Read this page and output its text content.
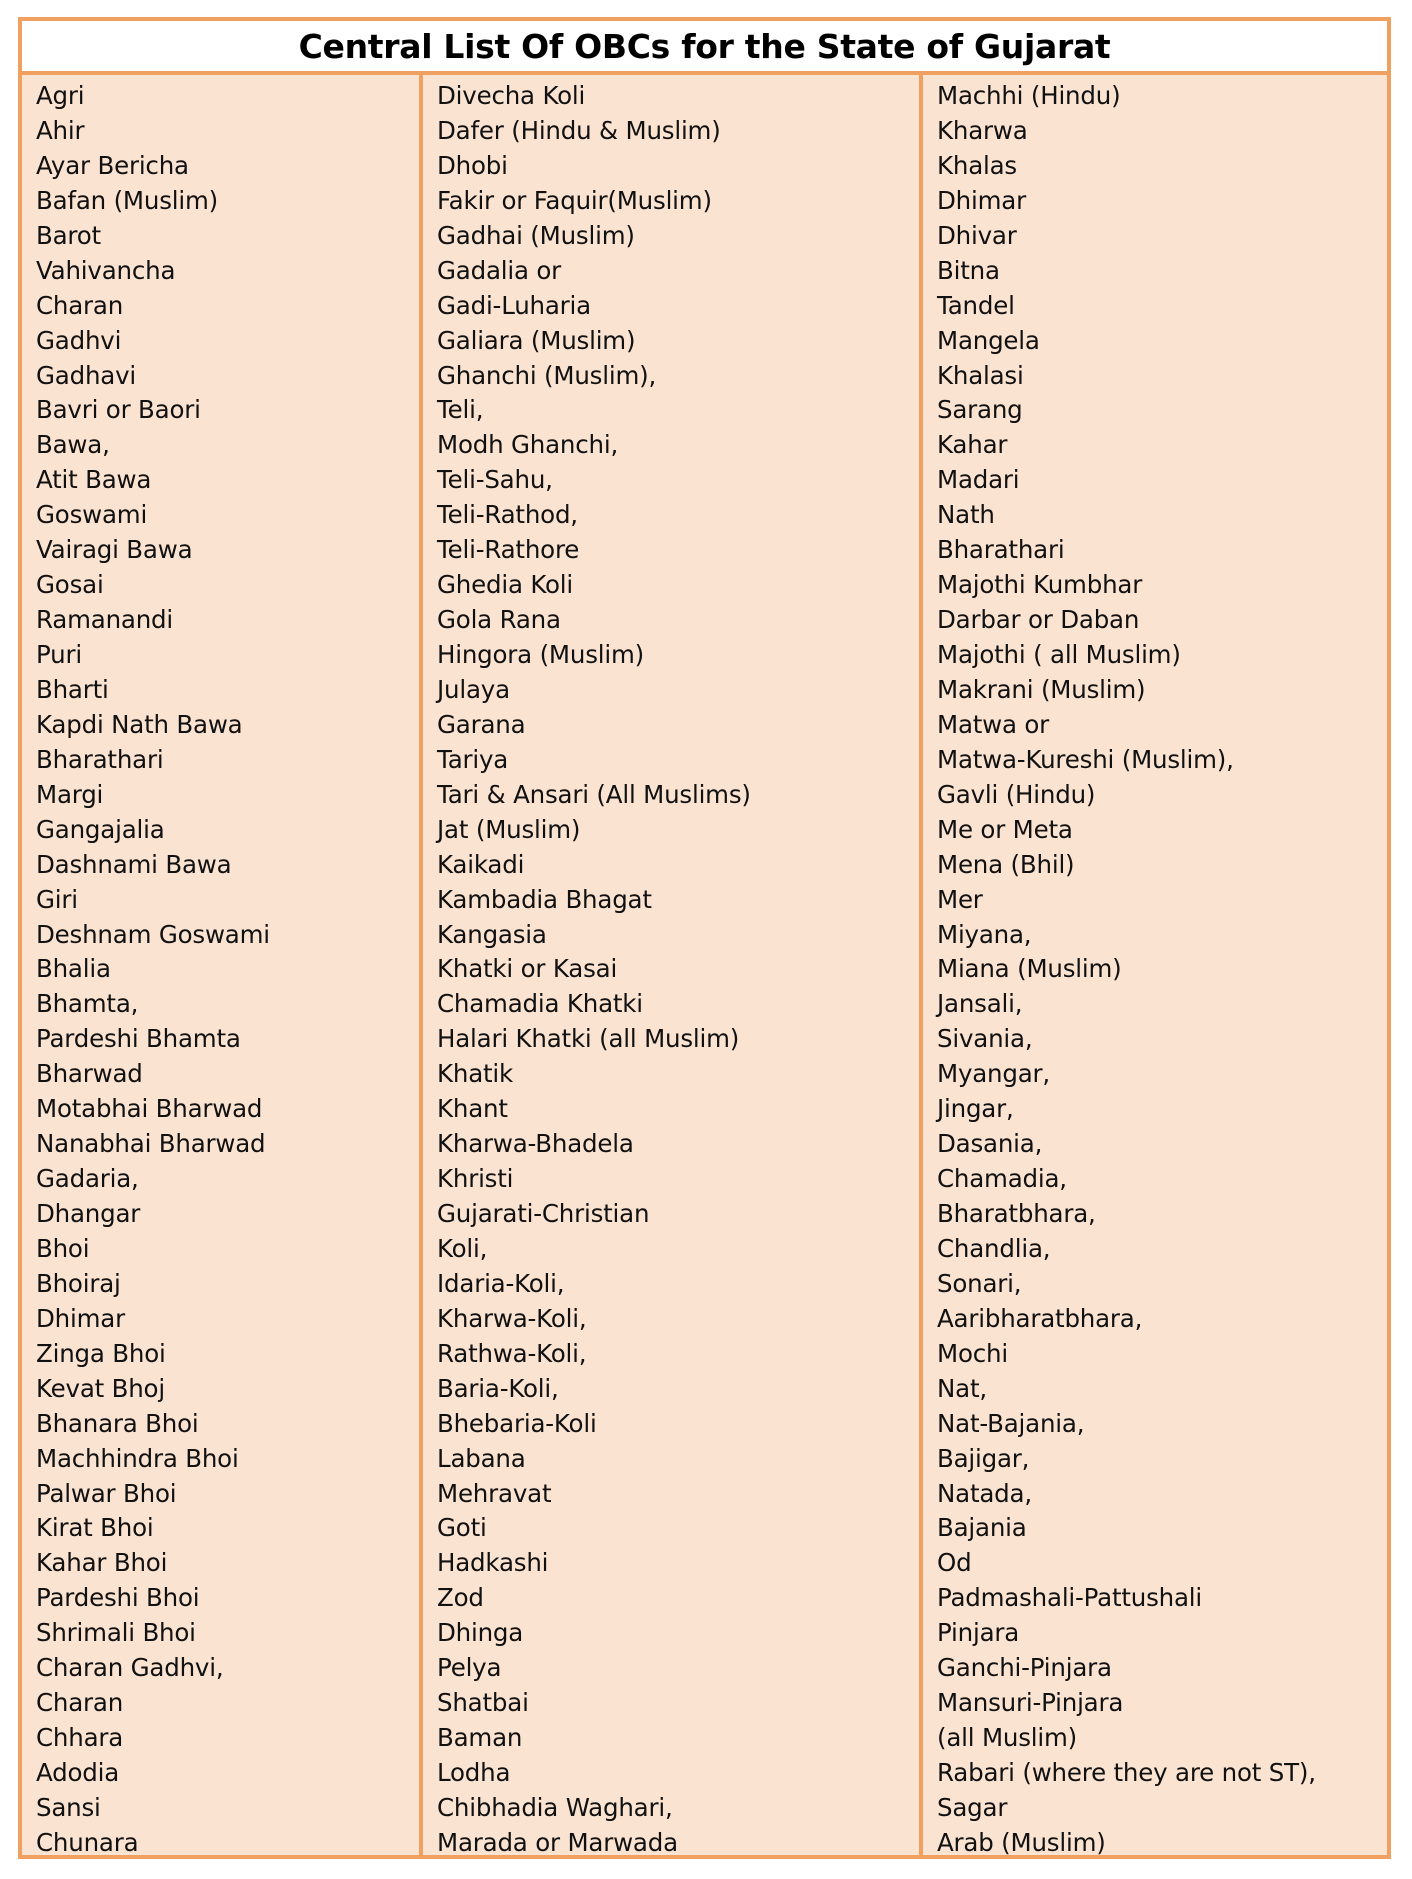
Central List Of OBCs for the State of Gujarat
Agri
Ahir
Ayar Bericha
Bafan (Muslim)
Barot
Vahivancha
Charan
Gadhvi
Gadhavi
Bavri or Baori
Bawa,
Atit Bawa
Goswami
Vairagi Bawa
Gosai
Ramanandi
Puri
Bharti
Kapdi Nath Bawa
Bharathari
Margi
Gangajalia
Dashnami Bawa
Giri
Deshnam Goswami
Bhalia
Bhamta,
Pardeshi Bhamta
Bharwad
Motabhai Bharwad
Nanabhai Bharwad
Gadaria,
Dhangar
Bhoi
Bhoiraj
Dhimar
Zinga Bhoi
Kevat Bhoj
Bhanara Bhoi
Machhindra Bhoi
Palwar Bhoi
Kirat Bhoi
Kahar Bhoi
Pardeshi Bhoi
Shrimali Bhoi
Charan Gadhvi,
Charan
Chhara
Adodia
Sansi
Chunara
Divecha Koli
Dafer (Hindu & Muslim)
Dhobi
Fakir or Faquir(Muslim)
Gadhai (Muslim)
Gadalia or
Gadi-Luharia
Galiara (Muslim)
Ghanchi (Muslim),
Teli,
Modh Ghanchi,
Teli-Sahu,
Teli-Rathod,
Teli-Rathore
Ghedia Koli
Gola Rana
Hingora (Muslim)
Julaya
Garana
Tariya
Tari & Ansari (All Muslims)
Jat (Muslim)
Kaikadi
Kambadia Bhagat
Kangasia
Khatki or Kasai
Chamadia Khatki
Halari Khatki (all Muslim)
Khatik
Khant
Kharwa-Bhadela
Khristi
Gujarati-Christian
Koli,
Idaria-Koli,
Kharwa-Koli,
Rathwa-Koli,
Baria-Koli,
Bhebaria-Koli
Labana
Mehravat
Goti
Hadkashi
Zod
Dhinga
Pelya
Shatbai
Baman
Lodha
Chibhadia Waghari,
Marada or Marwada
Machhi (Hindu)
Kharwa
Khalas
Dhimar
Dhivar
Bitna
Tandel
Mangela
Khalasi
Sarang
Kahar
Madari
Nath
Bharathari
Majothi Kumbhar
Darbar or Daban
Majothi ( all Muslim)
Makrani (Muslim)
Matwa or
Matwa-Kureshi (Muslim),
Gavli (Hindu)
Me or Meta
Mena (Bhil)
Mer
Miyana,
Miana (Muslim)
Jansali,
Sivania,
Myangar,
Jingar,
Dasania,
Chamadia,
Bharatbhara,
Chandlia,
Sonari,
Aaribharatbhara,
Mochi
Nat,
Nat-Bajania,
Bajigar,
Natada,
Bajania
Od
Padmashali-Pattushali
Pinjara
Ganchi-Pinjara
Mansuri-Pinjara
(all Muslim)
Rabari (where they are not ST),
Sagar
Arab (Muslim)
